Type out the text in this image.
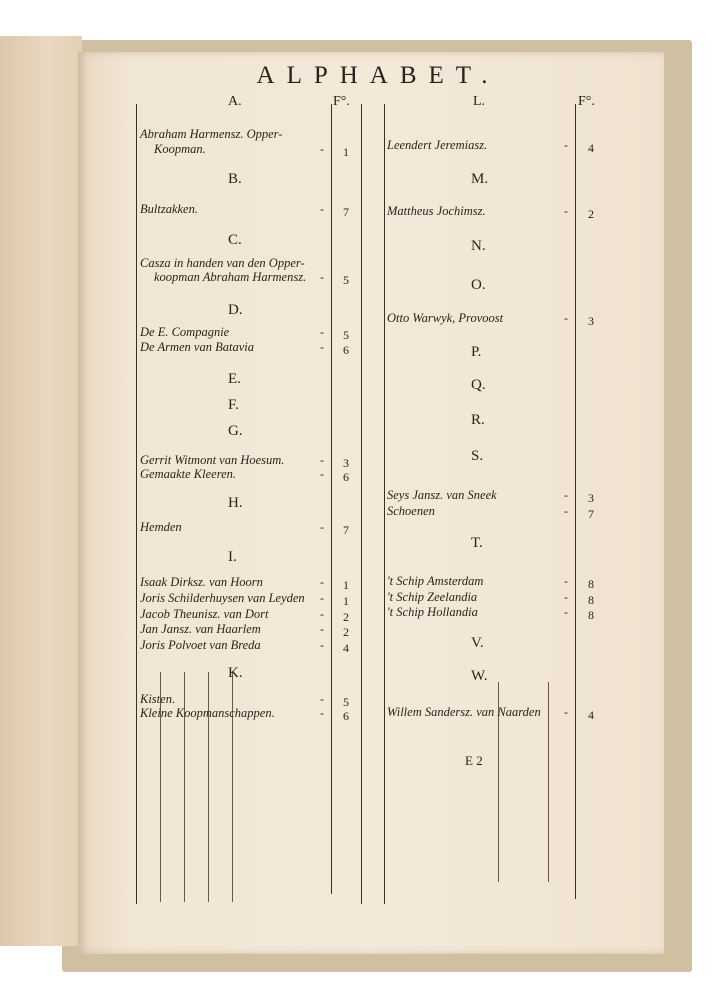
ALPHABET.
A.	F°.	L.	F°.
Abraham Harmensz. Opper-
Koopman.	- 1
B.
Bultzakken.	- 7
C.
Casza in handen van den Opper-
koopman Abraham Harmensz. - 5
D.
De E. Compagnie	- 5
De Armen van Batavia	- 6
E.
F.
G.
Gerrit Witmont van Hoesum.	- 3
Gemaakte Kleeren.	- 6
H.
Hemden	- 7
I.
Isaak Dirksz. van Hoorn	- 1
Joris Schilderhuysen van Leyden - 1
Jacob Theunisz. van Dort	- 2
Jan Jansz. van Haarlem	- 2
Joris Polvoet van Breda	- 4
K.
Kisten.	- 5
Kleine Koopmanschappen.	- 6
Leendert Jeremiasz.	- 4
M.
Mattheus Jochimsz.	- 2
N.
O.
Otto Warwyk, Provoost	- 3
P.
Q.
R.
S.
Seys Jansz. van Sneek	- 3
Schoenen	- 7
T.
't Schip Amsterdam	- 8
't Schip Zeelandia	- 8
't Schip Hollandia	- 8
V.
W.
Willem Sandersz. van Naarden - 4
E 2
